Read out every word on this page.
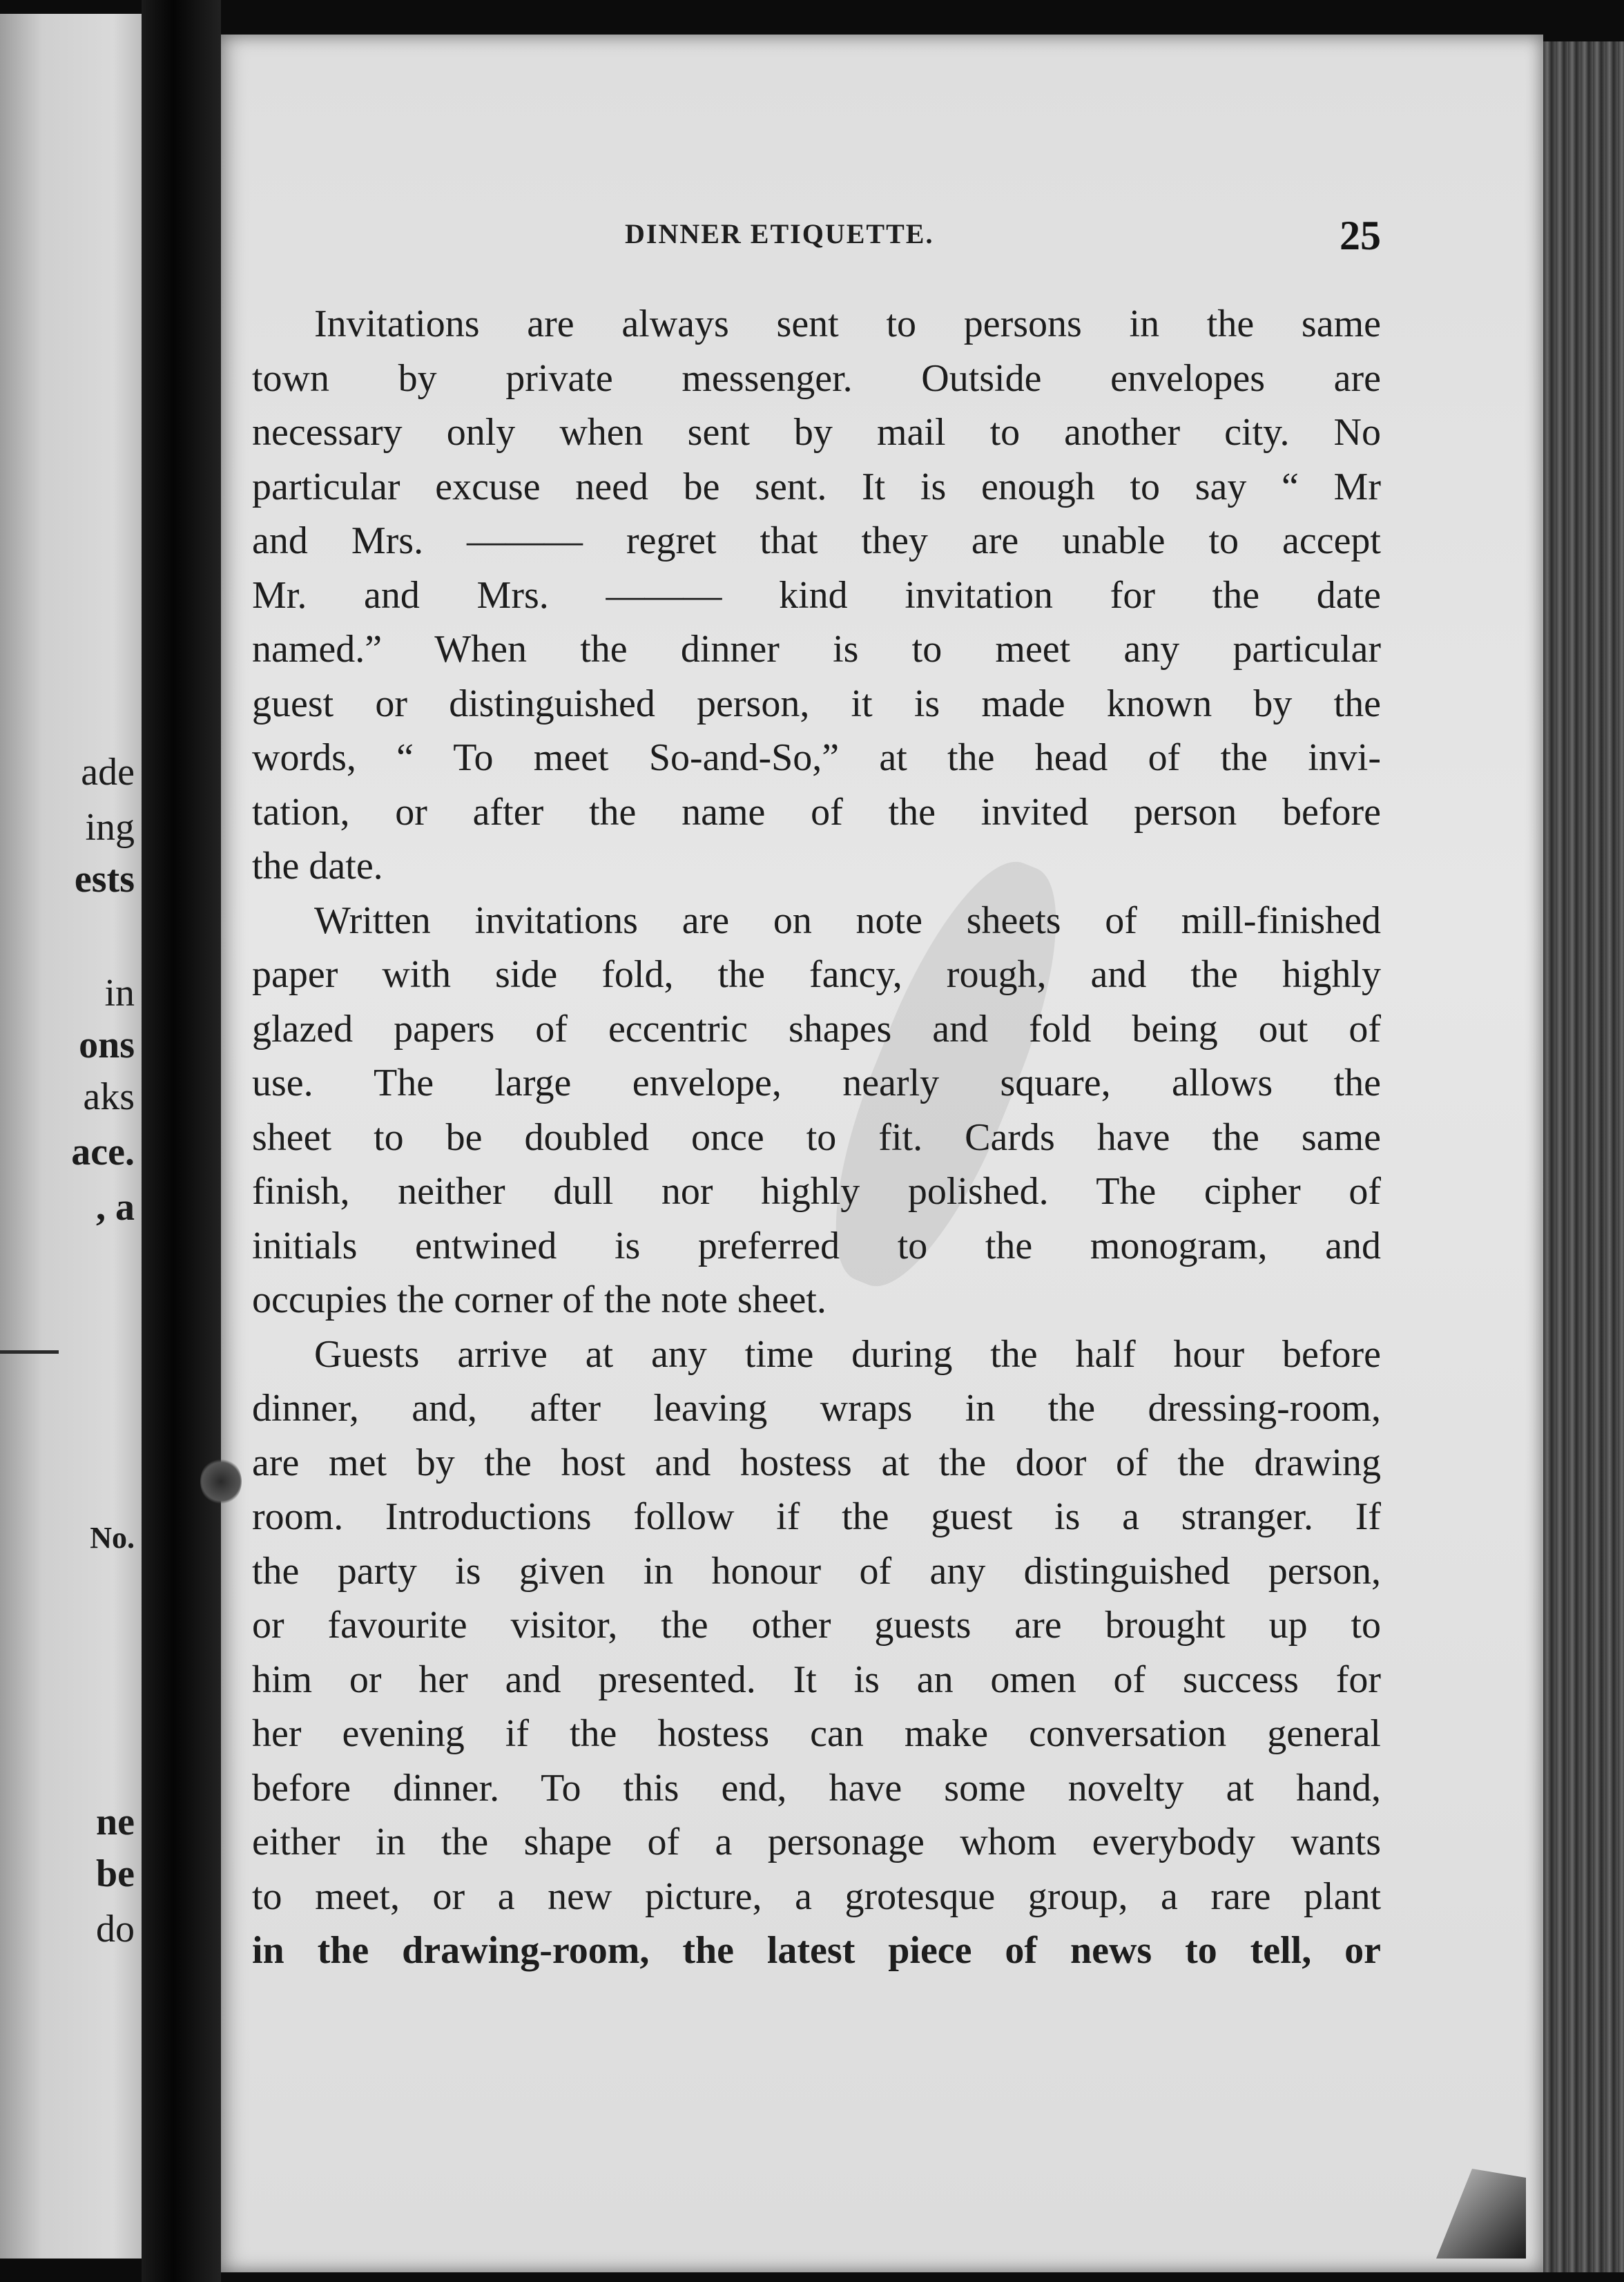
ade
ing
ests
in
ons
aks
ace.
, a
No.
ne
be
do
DINNER ETIQUETTE.	25
Invitations are always sent to persons in the same
town by private messenger. Outside envelopes are
necessary only when sent by mail to another city. No
particular excuse need be sent. It is enough to say “ Mr
and Mrs. ——— regret that they are unable to accept
Mr. and Mrs. ——— kind invitation for the date
named.” When the dinner is to meet any particular
guest or distinguished person, it is made known by the
words, “ To meet So-and-So,” at the head of the invi-
tation, or after the name of the invited person before
the date.
Written invitations are on note sheets of mill-finished
paper with side fold, the fancy, rough, and the highly
glazed papers of eccentric shapes and fold being out of
use. The large envelope, nearly square, allows the
sheet to be doubled once to fit. Cards have the same
finish, neither dull nor highly polished. The cipher of
initials entwined is preferred to the monogram, and
occupies the corner of the note sheet.
Guests arrive at any time during the half hour before
dinner, and, after leaving wraps in the dressing-room,
are met by the host and hostess at the door of the drawing
room. Introductions follow if the guest is a stranger. If
the party is given in honour of any distinguished person,
or favourite visitor, the other guests are brought up to
him or her and presented. It is an omen of success for
her evening if the hostess can make conversation general
before dinner. To this end, have some novelty at hand,
either in the shape of a personage whom everybody wants
to meet, or a new picture, a grotesque group, a rare plant
in the drawing-room, the latest piece of news to tell, or
